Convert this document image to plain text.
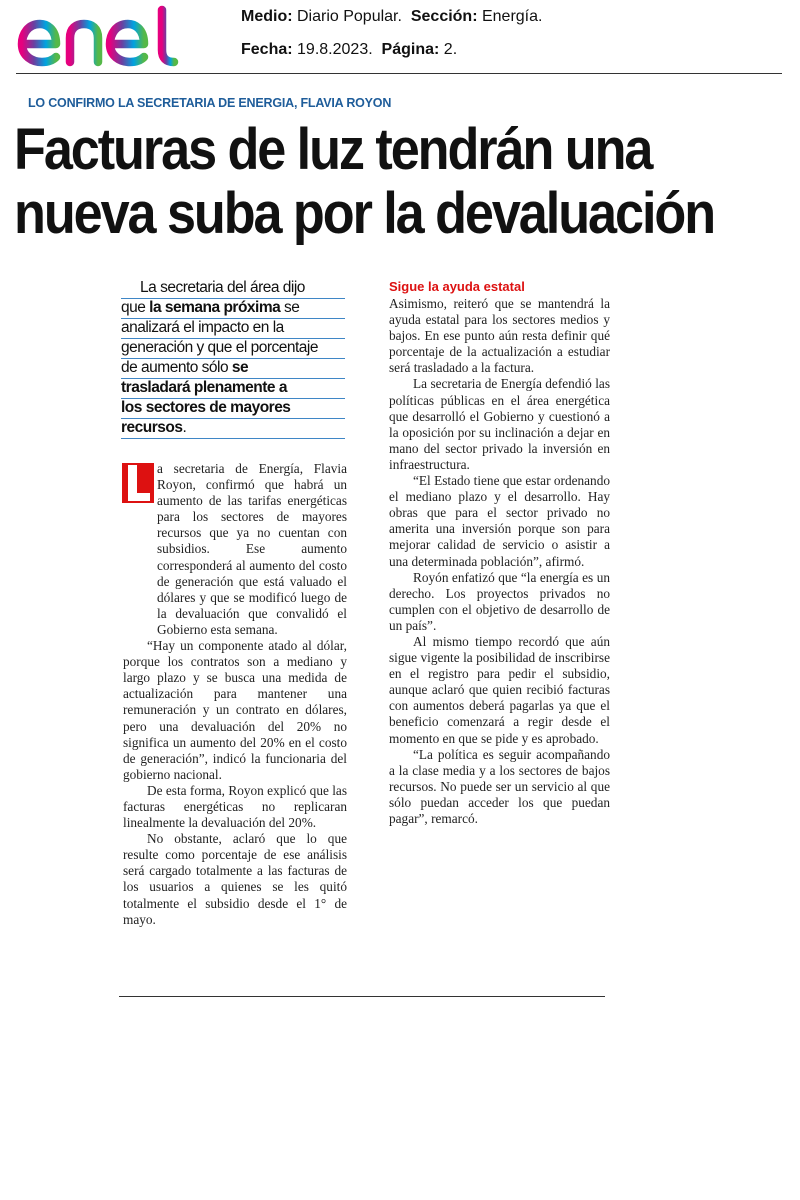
Medio: Diario Popular. Sección: Energía.
Fecha: 19.8.2023. Página: 2.
LO CONFIRMO LA SECRETARIA DE ENERGIA, FLAVIA ROYON
Facturas de luz tendrán una
nueva suba por la devaluación
La secretaria del área dijo
que la semana próxima se
analizará el impacto en la
generación y que el porcentaje
de aumento sólo se
trasladará plenamente a
los sectores de mayores
recursos.

a secretaria de Energía, Flavia Royon, confirmó que habrá un aumento de las tarifas energéticas para los sectores de mayores recursos que ya no cuentan con subsidios. Ese aumento corresponderá al aumento del costo de generación que está valuado el dólares y que se modificó luego de la devaluación que convalidó el Gobierno esta semana.

“Hay un componente atado al dólar, porque los contratos son a mediano y largo plazo y se busca una medida de actualización para mantener una remuneración y un contrato en dólares, pero una devaluación del 20% no significa un aumento del 20% en el costo de generación”, indicó la funcionaria del gobierno nacional.

De esta forma, Royon explicó que las facturas energéticas no replicaran linealmente la devaluación del 20%.

No obstante, aclaró que lo que resulte como porcentaje de ese análisis será cargado totalmente a las facturas de los usuarios a quienes se les quitó totalmente el subsidio desde el 1° de mayo.

Sigue la ayuda estatal

Asimismo, reiteró que se mantendrá la ayuda estatal para los sectores medios y bajos. En ese punto aún resta definir qué porcentaje de la actualización a estudiar será trasladado a la factura.

La secretaria de Energía defendió las políticas públicas en el área energética que desarrolló el Gobierno y cuestionó a la oposición por su inclinación a dejar en mano del sector privado la inversión en infraestructura.

“El Estado tiene que estar ordenando el mediano plazo y el desarrollo. Hay obras que para el sector privado no amerita una inversión porque son para mejorar calidad de servicio o asistir a una determinada población”, afirmó.

Royón enfatizó que “la energía es un derecho. Los proyectos privados no cumplen con el objetivo de desarrollo de un país”.

Al mismo tiempo recordó que aún sigue vigente la posibilidad de inscribirse en el registro para pedir el subsidio, aunque aclaró que quien recibió facturas con aumentos deberá pagarlas ya que el beneficio comenzará a regir desde el momento en que se pide y es aprobado.

“La política es seguir acompañando a la clase media y a los sectores de bajos recursos. No puede ser un servicio al que sólo puedan acceder los que puedan pagar”, remarcó.
